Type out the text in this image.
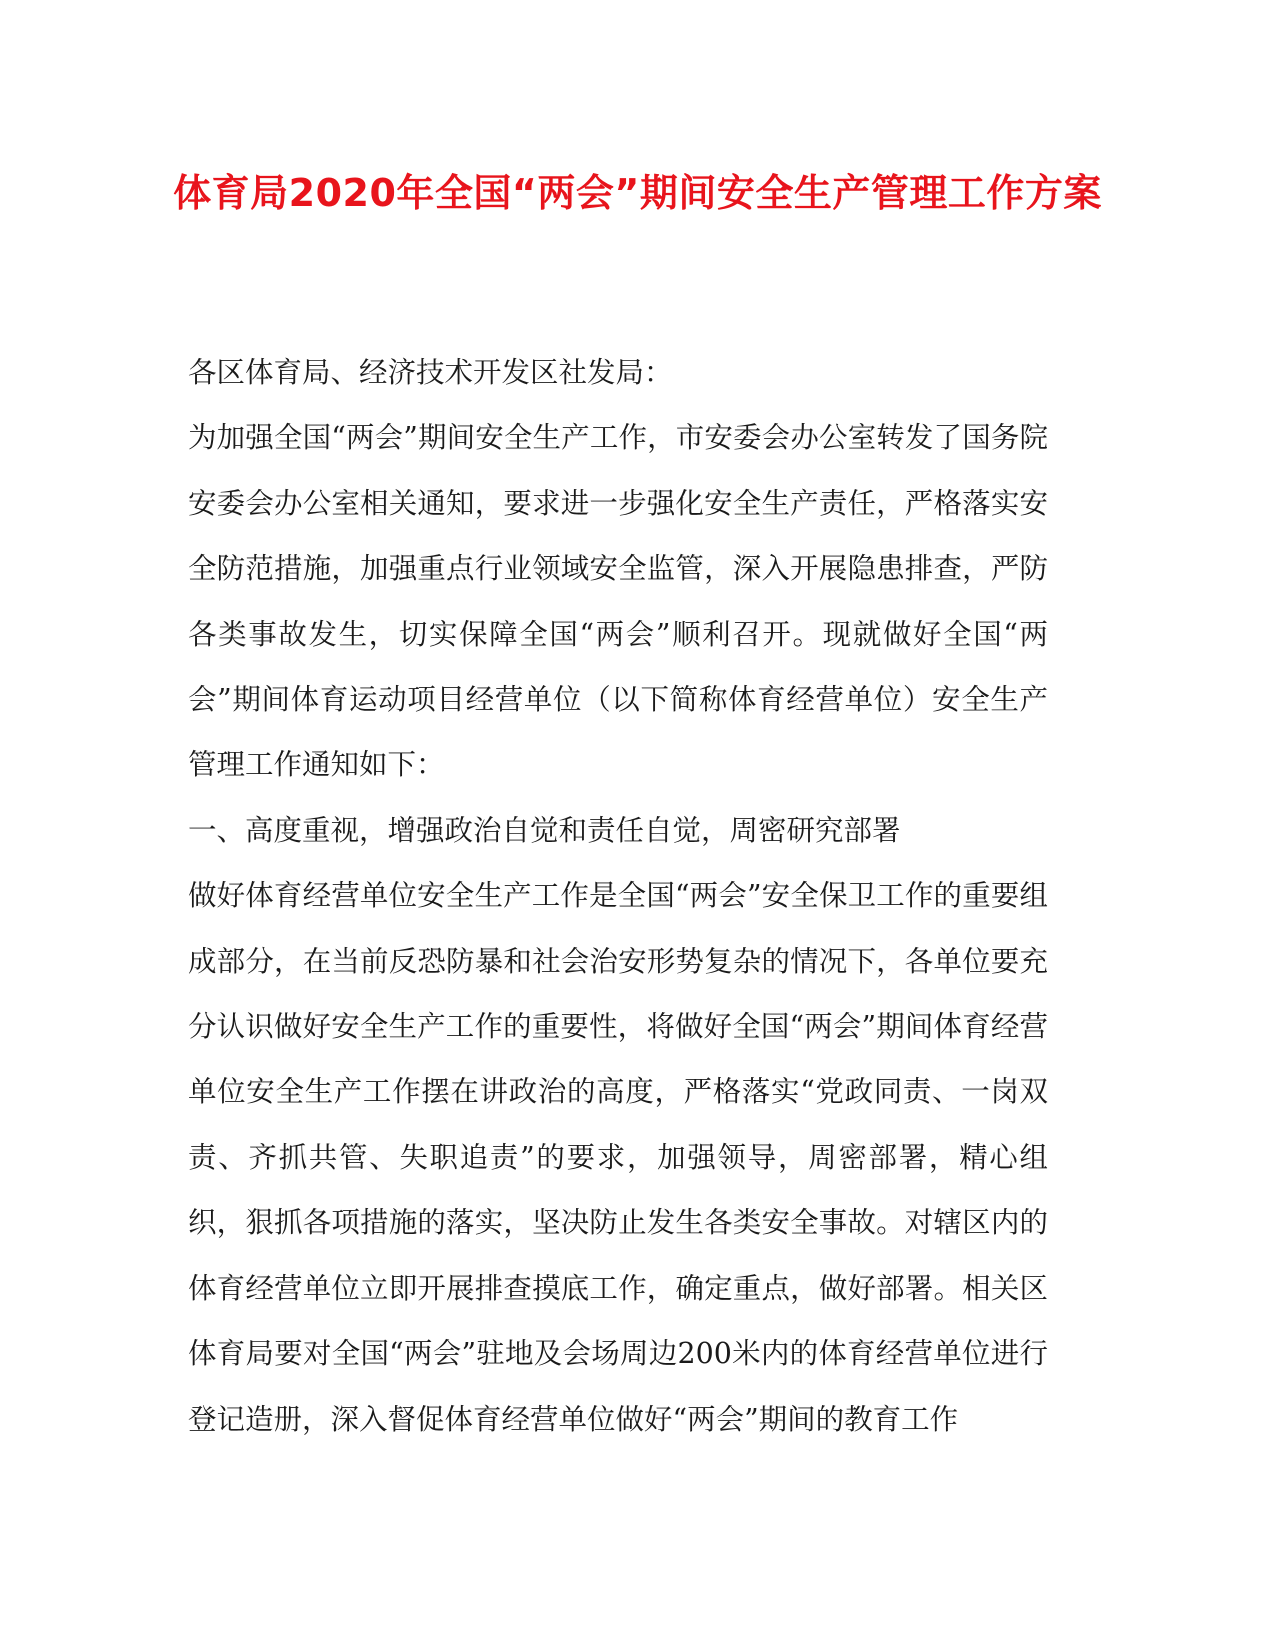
体育局2020年全国“两会”期间安全生产管理工作方案

各区体育局、经济技术开发区社发局：

为加强全国“两会”期间安全生产工作，市安委会办公室转发了国务院安委会办公室相关通知，要求进一步强化安全生产责任，严格落实安全防范措施，加强重点行业领域安全监管，深入开展隐患排查，严防各类事故发生，切实保障全国“两会”顺利召开。现就做好全国“两会”期间体育运动项目经营单位（以下简称体育经营单位）安全生产管理工作通知如下：

一、高度重视，增强政治自觉和责任自觉，周密研究部署

做好体育经营单位安全生产工作是全国“两会”安全保卫工作的重要组成部分，在当前反恐防暴和社会治安形势复杂的情况下，各单位要充分认识做好安全生产工作的重要性，将做好全国“两会”期间体育经营单位安全生产工作摆在讲政治的高度，严格落实“党政同责、一岗双责、齐抓共管、失职追责”的要求，加强领导，周密部署，精心组织，狠抓各项措施的落实，坚决防止发生各类安全事故。对辖区内的体育经营单位立即开展排查摸底工作，确定重点，做好部署。相关区体育局要对全国“两会”驻地及会场周边200米内的体育经营单位进行登记造册，深入督促体育经营单位做好“两会”期间的教育工作
